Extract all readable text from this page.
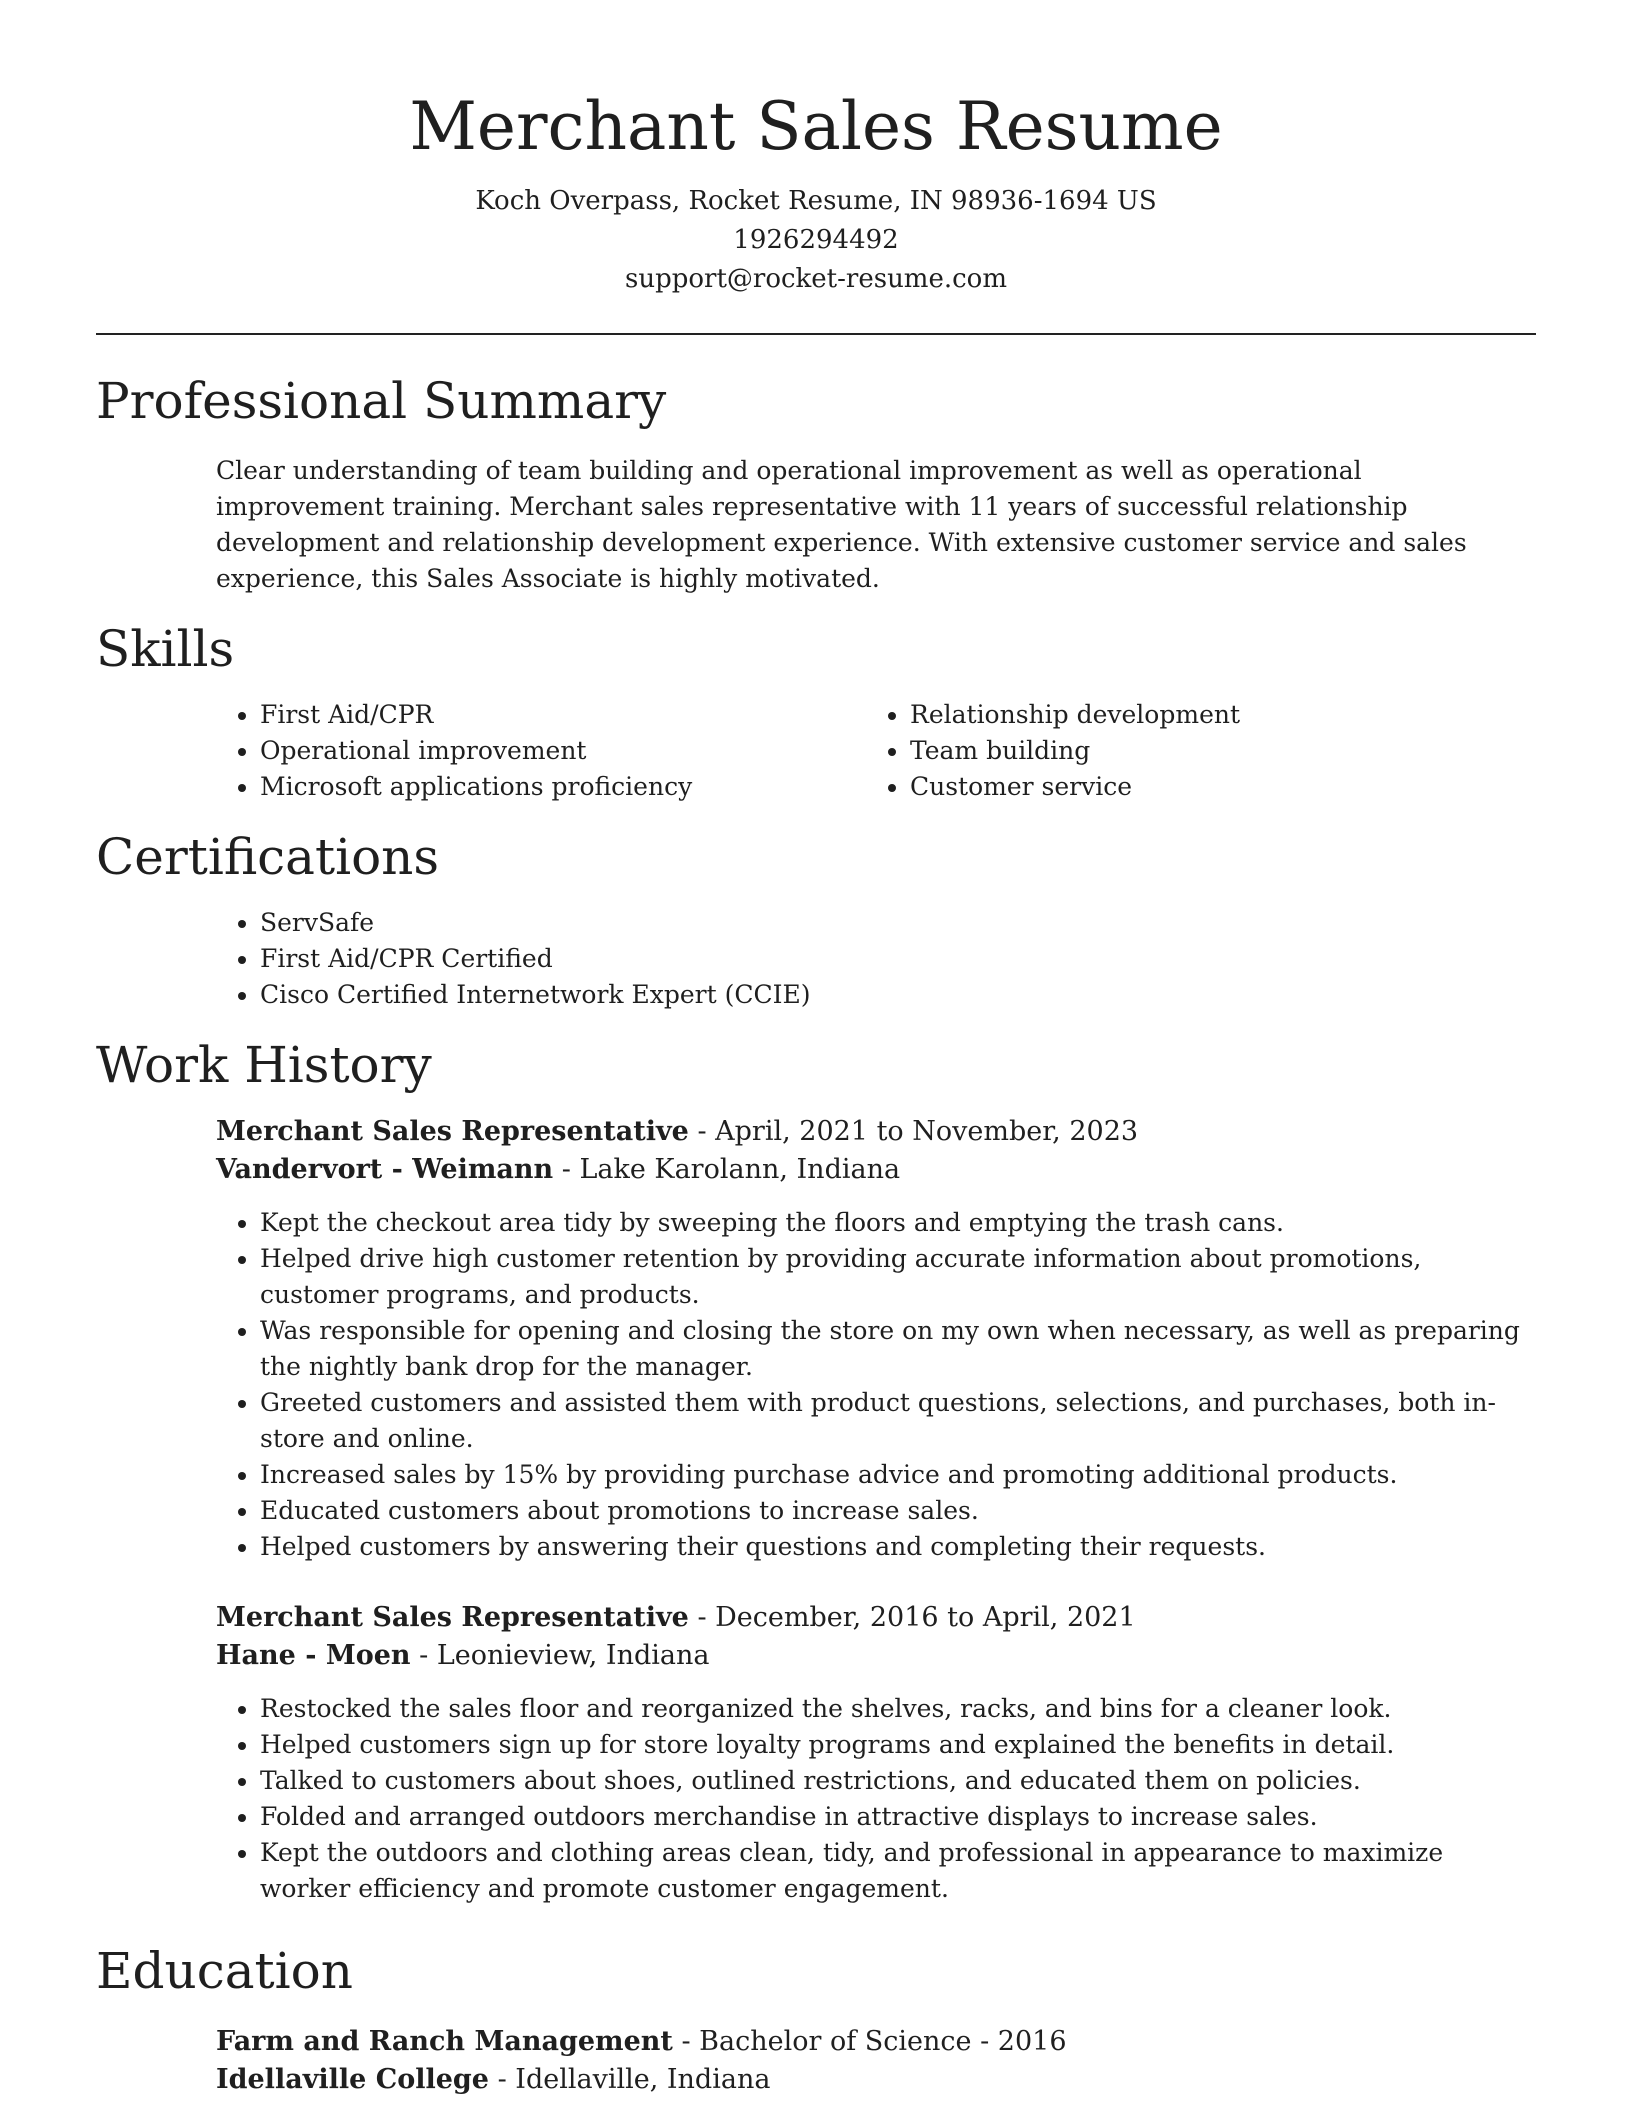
Merchant Sales Resume
Koch Overpass, Rocket Resume, IN 98936-1694 US
1926294492
support@rocket-resume.com
Professional Summary

Clear understanding of team building and operational improvement as well as operational improvement training. Merchant sales representative with 11 years of successful relationship development and relationship development experience. With extensive customer service and sales experience, this Sales Associate is highly motivated.

Skills
• First Aid/CPR
• Operational improvement
• Microsoft applications proficiency
• Relationship development
• Team building
• Customer service
Certifications
• ServSafe
• First Aid/CPR Certified
• Cisco Certified Internetwork Expert (CCIE)
Work History
Merchant Sales Representative - April, 2021 to November, 2023
Vandervort - Weimann - Lake Karolann, Indiana
• Kept the checkout area tidy by sweeping the floors and emptying the trash cans.
• Helped drive high customer retention by providing accurate information about promotions, customer programs, and products.
• Was responsible for opening and closing the store on my own when necessary, as well as preparing the nightly bank drop for the manager.
• Greeted customers and assisted them with product questions, selections, and purchases, both in-store and online.
• Increased sales by 15% by providing purchase advice and promoting additional products.
• Educated customers about promotions to increase sales.
• Helped customers by answering their questions and completing their requests.
Merchant Sales Representative - December, 2016 to April, 2021
Hane - Moen - Leonieview, Indiana
• Restocked the sales floor and reorganized the shelves, racks, and bins for a cleaner look.
• Helped customers sign up for store loyalty programs and explained the benefits in detail.
• Talked to customers about shoes, outlined restrictions, and educated them on policies.
• Folded and arranged outdoors merchandise in attractive displays to increase sales.
• Kept the outdoors and clothing areas clean, tidy, and professional in appearance to maximize worker efficiency and promote customer engagement.
Education
Farm and Ranch Management - Bachelor of Science - 2016
Idellaville College - Idellaville, Indiana
